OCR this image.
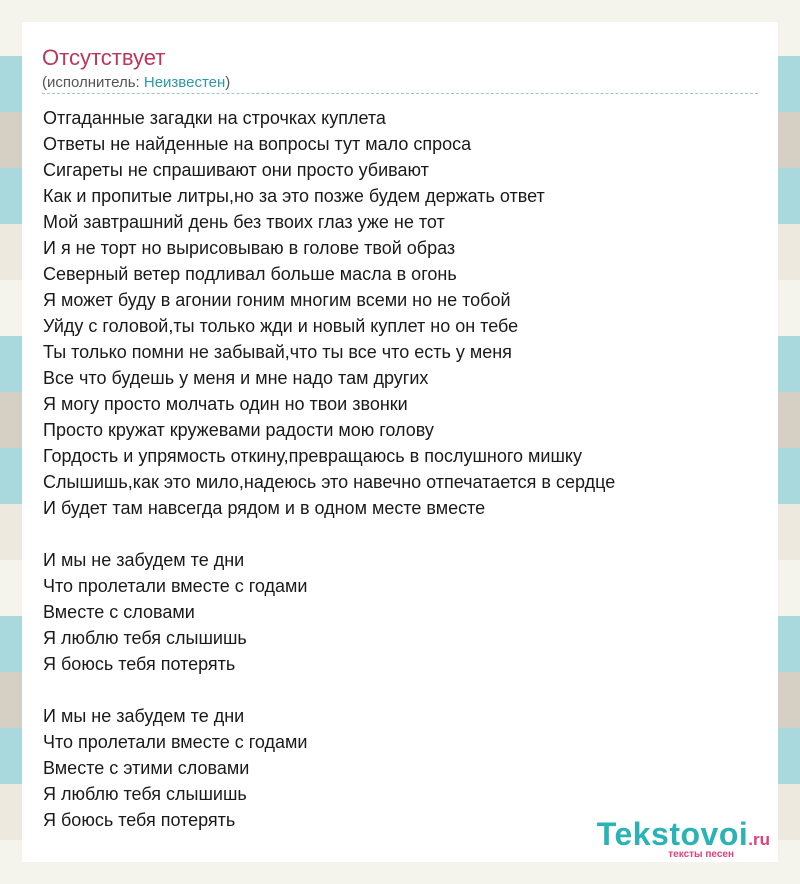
Отсутствует
(исполнитель: Неизвестен)
Отгаданные загадки на строчках куплета
Ответы не найденные на вопросы тут мало спроса
Сигареты не спрашивают они просто убивают
Как и пропитые литры,но за это позже будем держать ответ
Мой завтрашний день без твоих глаз уже не тот
И я не торт но вырисовываю в голове твой образ
Северный ветер подливал больше масла в огонь
Я может буду в агонии гоним многим всеми но не тобой
Уйду с головой,ты только жди и новый куплет но он тебе
Ты только помни не забывай,что ты все что есть у меня
Все что будешь у меня и мне надо там других
Я могу просто молчать один но твои звонки
Просто кружат кружевами радости мою голову
Гордость и упрямость откину,превращаюсь в послушного мишку
Слышишь,как это мило,надеюсь это навечно отпечатается в сердце
И будет там навсегда рядом и в одном месте вместе
И мы не забудем те дни
Что пролетали вместе с годами
Вместе с словами
Я люблю тебя слышишь
Я боюсь тебя потерять
И мы не забудем те дни
Что пролетали вместе с годами
Вместе с этими словами
Я люблю тебя слышишь
Я боюсь тебя потерять	Tekstovoi.ru
тексты песен
